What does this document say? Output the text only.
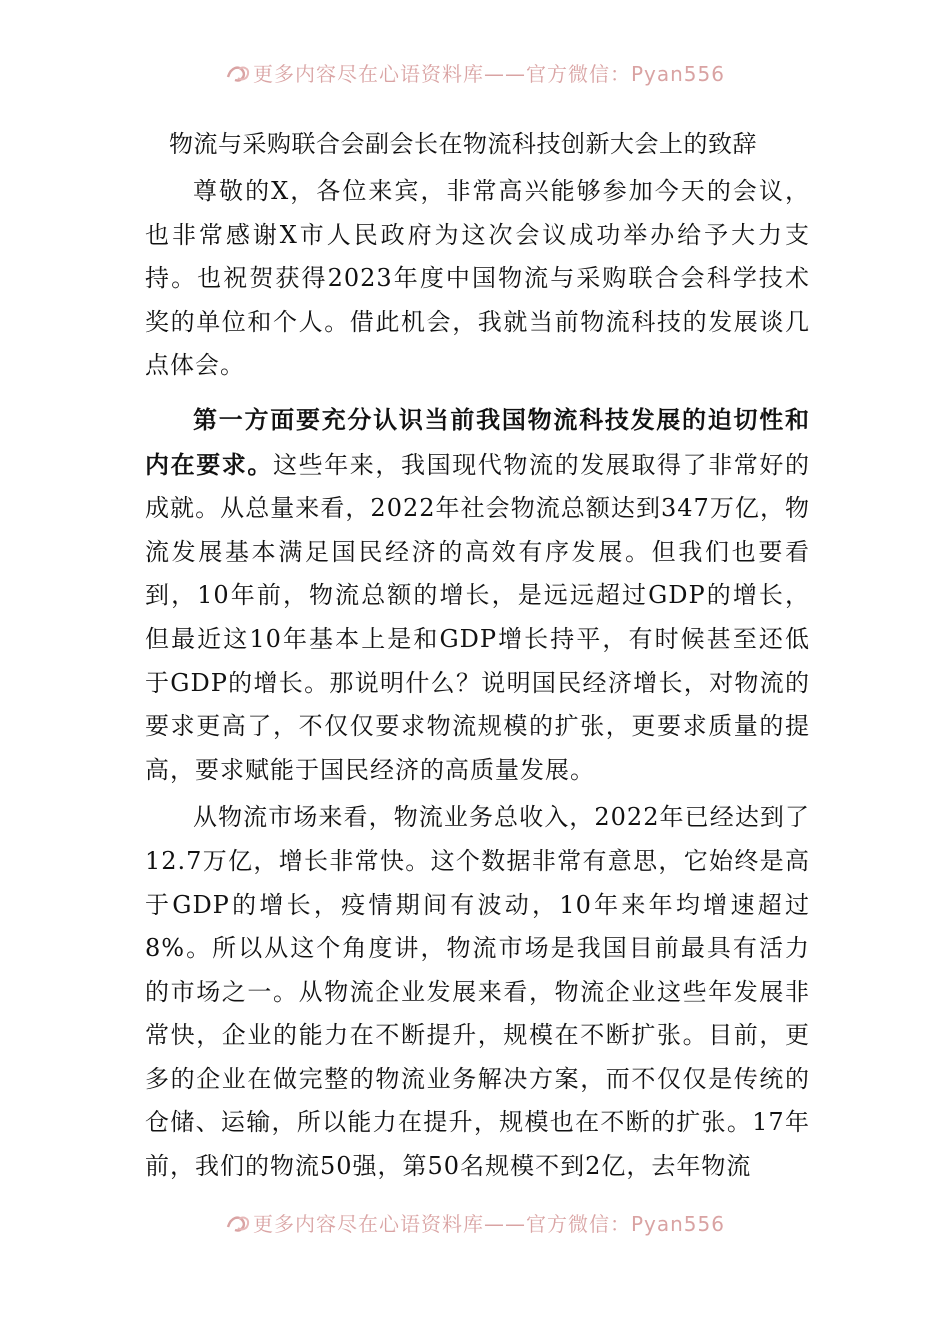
更多内容尽在心语资料库——官方微信：Pyan556
物流与采购联合会副会长在物流科技创新大会上的致辞

尊敬的X，各位来宾，非常高兴能够参加今天的会议，也非常感谢X市人民政府为这次会议成功举办给予大力支持。也祝贺获得2023年度中国物流与采购联合会科学技术奖的单位和个人。借此机会，我就当前物流科技的发展谈几点体会。

第一方面要充分认识当前我国物流科技发展的迫切性和内在要求。这些年来，我国现代物流的发展取得了非常好的成就。从总量来看，2022年社会物流总额达到347万亿，物流发展基本满足国民经济的高效有序发展。但我们也要看到，10年前，物流总额的增长，是远远超过GDP的增长，但最近这10年基本上是和GDP增长持平，有时候甚至还低于GDP的增长。那说明什么？说明国民经济增长，对物流的要求更高了，不仅仅要求物流规模的扩张，更要求质量的提高，要求赋能于国民经济的高质量发展。

从物流市场来看，物流业务总收入，2022年已经达到了12.7万亿，增长非常快。这个数据非常有意思，它始终是高于GDP的增长，疫情期间有波动，10年来年均增速超过8%。所以从这个角度讲，物流市场是我国目前最具有活力的市场之一。从物流企业发展来看，物流企业这些年发展非常快，企业的能力在不断提升，规模在不断扩张。目前，更多的企业在做完整的物流业务解决方案，而不仅仅是传统的仓储、运输，所以能力在提升，规模也在不断的扩张。17年前，我们的物流50强，第50名规模不到2亿，去年物流

更多内容尽在心语资料库——官方微信：Pyan556
